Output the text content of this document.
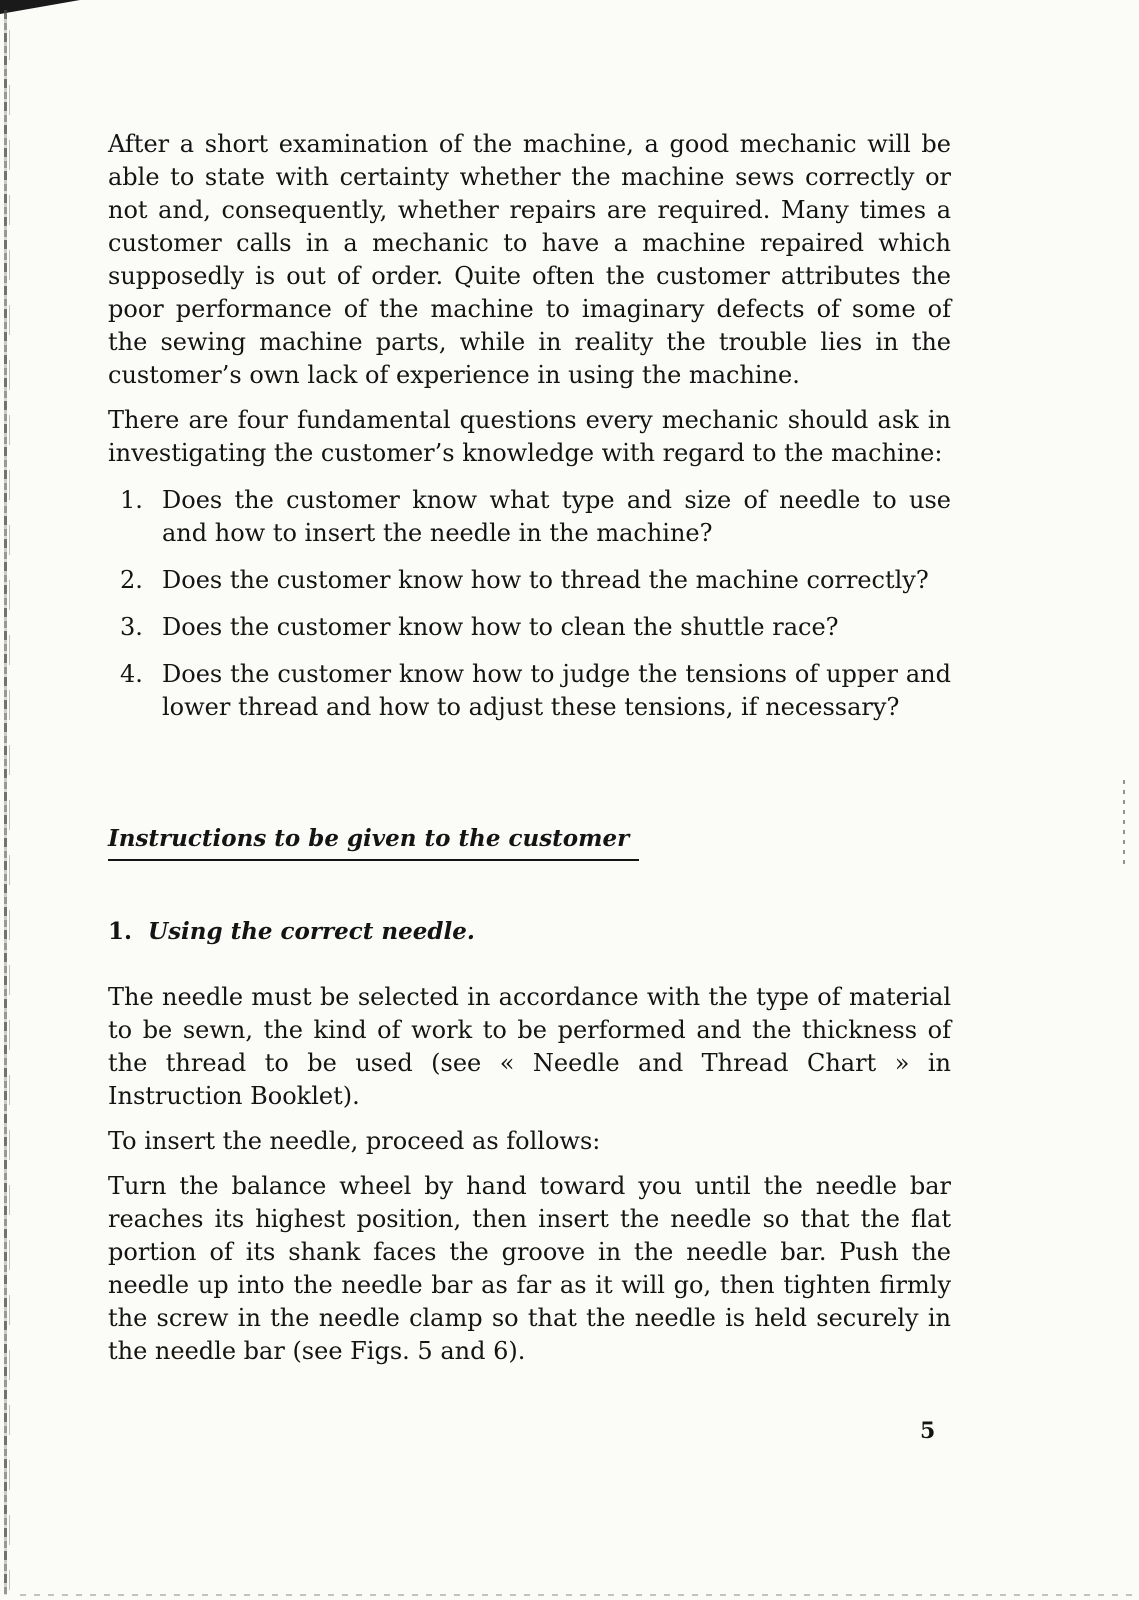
After a short examination of the machine, a good mechanic will be able to state with certainty whether the machine sews correctly or not and, consequently, whether repairs are required. Many times a customer calls in a mechanic to have a machine repaired which supposedly is out of order. Quite often the customer attributes the poor performance of the machine to imaginary defects of some of the sewing machine parts, while in reality the trouble lies in the customer’s own lack of experience in using the machine.

There are four fundamental questions every mechanic should ask in investigating the customer’s knowledge with regard to the machine:

1. Does the customer know what type and size of needle to use and how to insert the needle in the machine?
2. Does the customer know how to thread the machine correctly?
3. Does the customer know how to clean the shuttle race?
4. Does the customer know how to judge the tensions of upper and lower thread and how to adjust these tensions, if necessary?
Instructions to be given to the customer
1. Using the correct needle.

The needle must be selected in accordance with the type of material to be sewn, the kind of work to be performed and the thickness of the thread to be used (see « Needle and Thread Chart » in Instruction Booklet).

To insert the needle, proceed as follows:

Turn the balance wheel by hand toward you until the needle bar reaches its highest position, then insert the needle so that the flat portion of its shank faces the groove in the needle bar. Push the needle up into the needle bar as far as it will go, then tighten firmly the screw in the needle clamp so that the needle is held securely in the needle bar (see Figs. 5 and 6).

5
